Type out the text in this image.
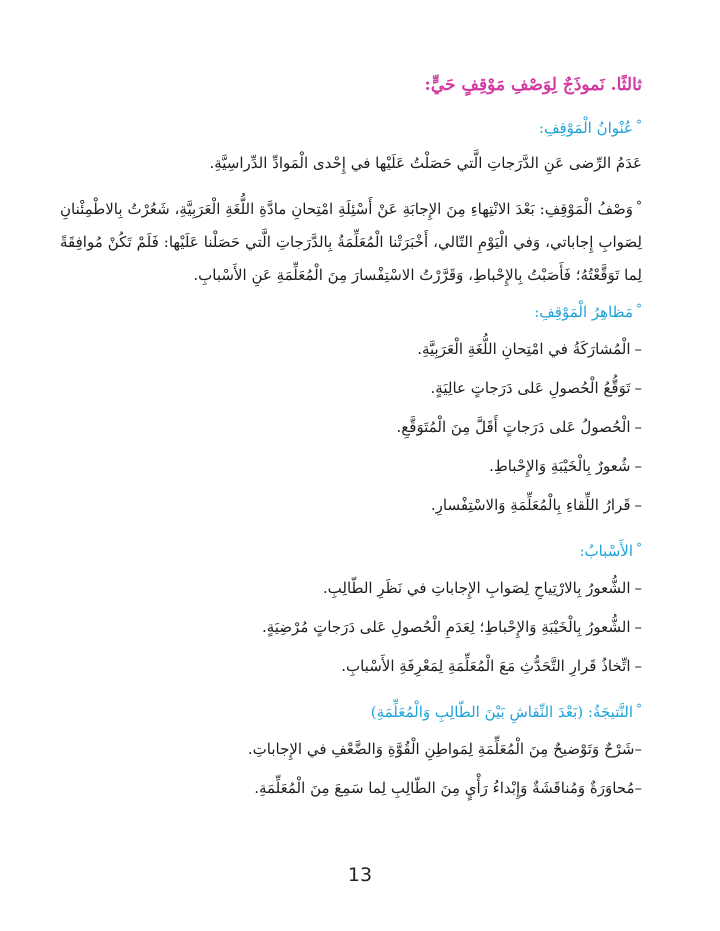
ثالثًا. نَموذَجٌ لِوَصْفِ مَوْقِفٍ حَيٍّ:
°عُنْوانُ الْمَوْقِفِ:
عَدَمُ الرِّضى عَنِ الدَّرَجاتِ الَّتي حَصَلْتُ عَلَيْها في إِحْدى الْمَوادِّ الدِّراسِيَّةِ.

°وَصْفُ الْمَوْقِفِ: بَعْدَ الانْتِهاءِ مِنَ الإِجابَةِ عَنْ أَسْئِلَةِ امْتِحانِ مادَّةِ اللُّغَةِ الْعَرَبِيَّةِ، شَعُرْتُ بِالاطْمِئْنانِ لِصَوابِ إِجاباتي، وَفي الْيَوْمِ التّالي، أَخْبَرَتْنا الْمُعَلِّمَةُ بِالدَّرَجاتِ الَّتي حَصَلْنا عَلَيْها: فَلَمْ تَكُنْ مُوافِقَةً لِما تَوَقَّعْتُهُ؛ فَأَصَبْتُ بِالإِحْباطِ، وَقَرَّرْتُ الاسْتِفْسارَ مِنَ الْمُعَلِّمَةِ عَنِ الأَسْبابِ.

°مَظاهِرُ الْمَوْقِفِ:
–الْمُشارَكَةُ في امْتِحانِ اللُّغَةِ الْعَرَبِيَّةِ.
–تَوَقُّعُ الْحُصولِ عَلى دَرَجاتٍ عالِيَةٍ.
–الْحُصولُ عَلى دَرَجاتٍ أَقَلَّ مِنَ الْمُتَوَقَّعِ.
–شُعورٌ بِالْخَيْبَةِ وَالإِحْباطِ.
–قَرارُ اللِّقاءِ بِالْمُعَلِّمَةِ وَالاسْتِفْسارِ.
°الأَسْبابُ:
–الشُّعورُ بِالارْتِياحِ لِصَوابِ الإِجاباتِ في نَظَرِ الطّالِبِ.
–الشُّعورُ بِالْخَيْبَةِ وَالإِحْباطِ؛ لِعَدَمِ الْحُصولِ عَلى دَرَجاتٍ مُرْضِيَةٍ.
–اتِّخاذُ قَرارِ التَّحَدُّثِ مَعَ الْمُعَلِّمَةِ لِمَعْرِفَةِ الأَسْبابِ.
°النَّتيجَةُ: (بَعْدَ النِّقاشِ بَيْنَ الطّالِبِ وَالْمُعَلِّمَةِ)
–شَرْحٌ وَتَوْضيحٌ مِنَ الْمُعَلِّمَةِ لِمَواطِنِ الْقُوَّةِ وَالضَّعْفِ في الإِجاباتِ.
–مُحاوَرَةٌ وَمُناقَشَةٌ وَإِبْداءُ رَأْيٍ مِنَ الطّالِبِ لِما سَمِعَ مِنَ الْمُعَلِّمَةِ.
13
